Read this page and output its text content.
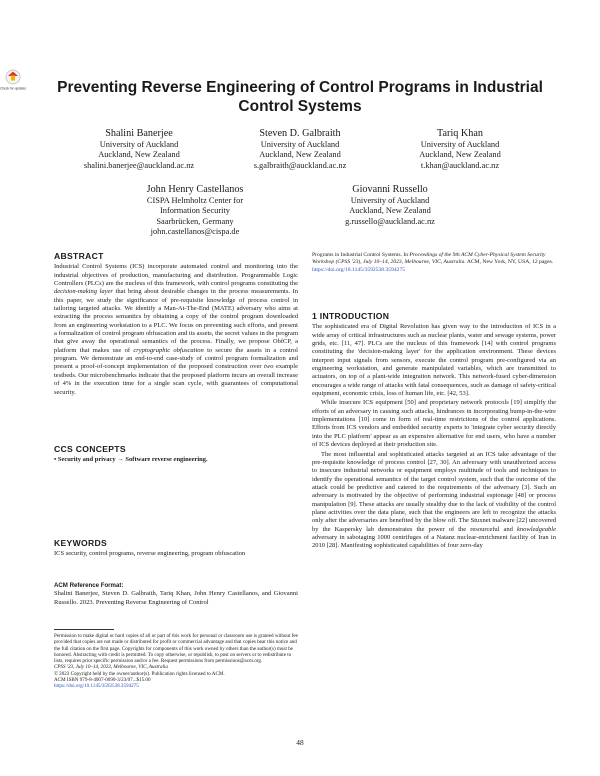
Check for updates	Preventing Reverse Engineering of Control Programs in Industrial Control Systems
Shalini Banerjee
University of Auckland
Auckland, New Zealand
shalini.banerjee@auckland.ac.nz
Steven D. Galbraith
University of Auckland
Auckland, New Zealand
s.galbraith@auckland.ac.nz
Tariq Khan
University of Auckland
Auckland, New Zealand
t.khan@auckland.ac.nz
John Henry Castellanos
CISPA Helmholtz Center for
Information Security
Saarbrücken, Germany
john.castellanos@cispa.de
Giovanni Russello
University of Auckland
Auckland, New Zealand
g.russello@auckland.ac.nz
ABSTRACT

Industrial Control Systems (ICS) incorporate automated control and monitoring into the industrial objectives of production, manufacturing and distribution. Programmable Logic Controllers (PLCs) are the nucleus of this framework, with control programs constituting the decision-making layer that bring about desirable changes in the process measurements. In this paper, we study the significance of pre-requisite knowledge of process control in tailoring targeted attacks. We identify a Man-At-The-End (MATE) adversary who aims at extracting the process semantics by obtaining a copy of the control program downloaded from an engineering workstation to a PLC. We focus on preventing such efforts, and present a formalization of control program obfuscation and its assets, the secret values in the program that give away the operational semantics of the process. Finally, we propose ObfCP, a platform that makes use of cryptographic obfuscation to secure the assets in a control program. We demonstrate an end-to-end case-study of control program formalization and present a proof-of-concept implementation of the proposed construction over two example testbeds. Our microbenchmarks indicate that the proposed platform incurs an overall increase of 4% in the execution time for a single scan cycle, with guarantees of computational security.

CCS CONCEPTS

• Security and privacy → Software reverse engineering.

KEYWORDS

ICS security, control programs, reverse engineering, program obfuscation

ACM Reference Format:

Shalini Banerjee, Steven D. Galbraith, Tariq Khan, John Henry Castellanos, and Giovanni Russello. 2023. Preventing Reverse Engineering of Control

Permission to make digital or hard copies of all or part of this work for personal or classroom use is granted without fee provided that copies are not made or distributed for profit or commercial advantage and that copies bear this notice and the full citation on the first page. Copyrights for components of this work owned by others than the author(s) must be honored. Abstracting with credit is permitted. To copy otherwise, or republish, to post on servers or to redistribute to lists, requires prior specific permission and/or a fee. Request permissions from permissions@acm.org.

CPSS '23, July 10–14, 2023, Melbourne, VIC, Australia

© 2023 Copyright held by the owner/author(s). Publication rights licensed to ACM.

ACM ISBN 979-8-4007-0090-3/23/07...$15.00

https://doi.org/10.1145/3592538.3594275

Programs in Industrial Control Systems. In Proceedings of the 9th ACM Cyber-Physical System Security Workshop (CPSS '23), July 10–14, 2023, Melbourne, VIC, Australia. ACM, New York, NY, USA, 12 pages. https://doi.org/10.1145/3592538.3594275

1 INTRODUCTION

The sophisticated era of Digital Revolution has given way to the introduction of ICS in a wide array of critical infrastructures such as nuclear plants, water and sewage systems, power grids, etc. [11, 47]. PLCs are the nucleus of this framework [14] with control programs constituting the 'decision-making layer' for the application environment. These devices interpret input signals from sensors, execute the control program pre-configured via an engineering workstation, and generate manipulated variables, which are transmitted to actuators, on top of a plant-wide integration network. This network-fused cyber-dimension encourages a wide range of attacks with fatal consequences, such as damage of safety-critical equipment, economic crisis, loss of human life, etc. [42, 53].

While insecure ICS equipment [50] and proprietary network protocols [19] simplify the efforts of an adversary in causing such attacks, hindrances in incorporating bump-in-the-wire implementations [10] come in form of real-time restrictions of the control applications. Efforts from ICS vendors and embedded security experts to 'integrate cyber security directly into the PLC platform' appear as an expensive alternative for end users, who have a number of ICS devices deployed at their production site.

The most influential and sophisticated attacks targeted at an ICS take advantage of the pre-requisite knowledge of process control [27, 30]. An adversary with unauthorized access to insecure industrial networks or equipment employs multitude of tools and techniques to identify the operational semantics of the target control system, such that the outcome of the attack could be predictive and catered to the requirements of the adversary [3]. Such an adversary is motivated by the objective of performing industrial espionage [48] or process manipulation [9]. These attacks are usually stealthy due to the lack of visibility of the control plane activities over the data plane, such that the engineers are left to recognize the attacks only after the adversaries are benefited by the blow off. The Stuxnet malware [22] uncovered by the Kaspersky lab demonstrates the power of the resourceful and knowledgeable adversary in sabotaging 1000 centrifuges of a Natanz nuclear-enrichment facility of Iran in 2010 [28]. Manifesting sophisticated capabilities of four zero-day

48
